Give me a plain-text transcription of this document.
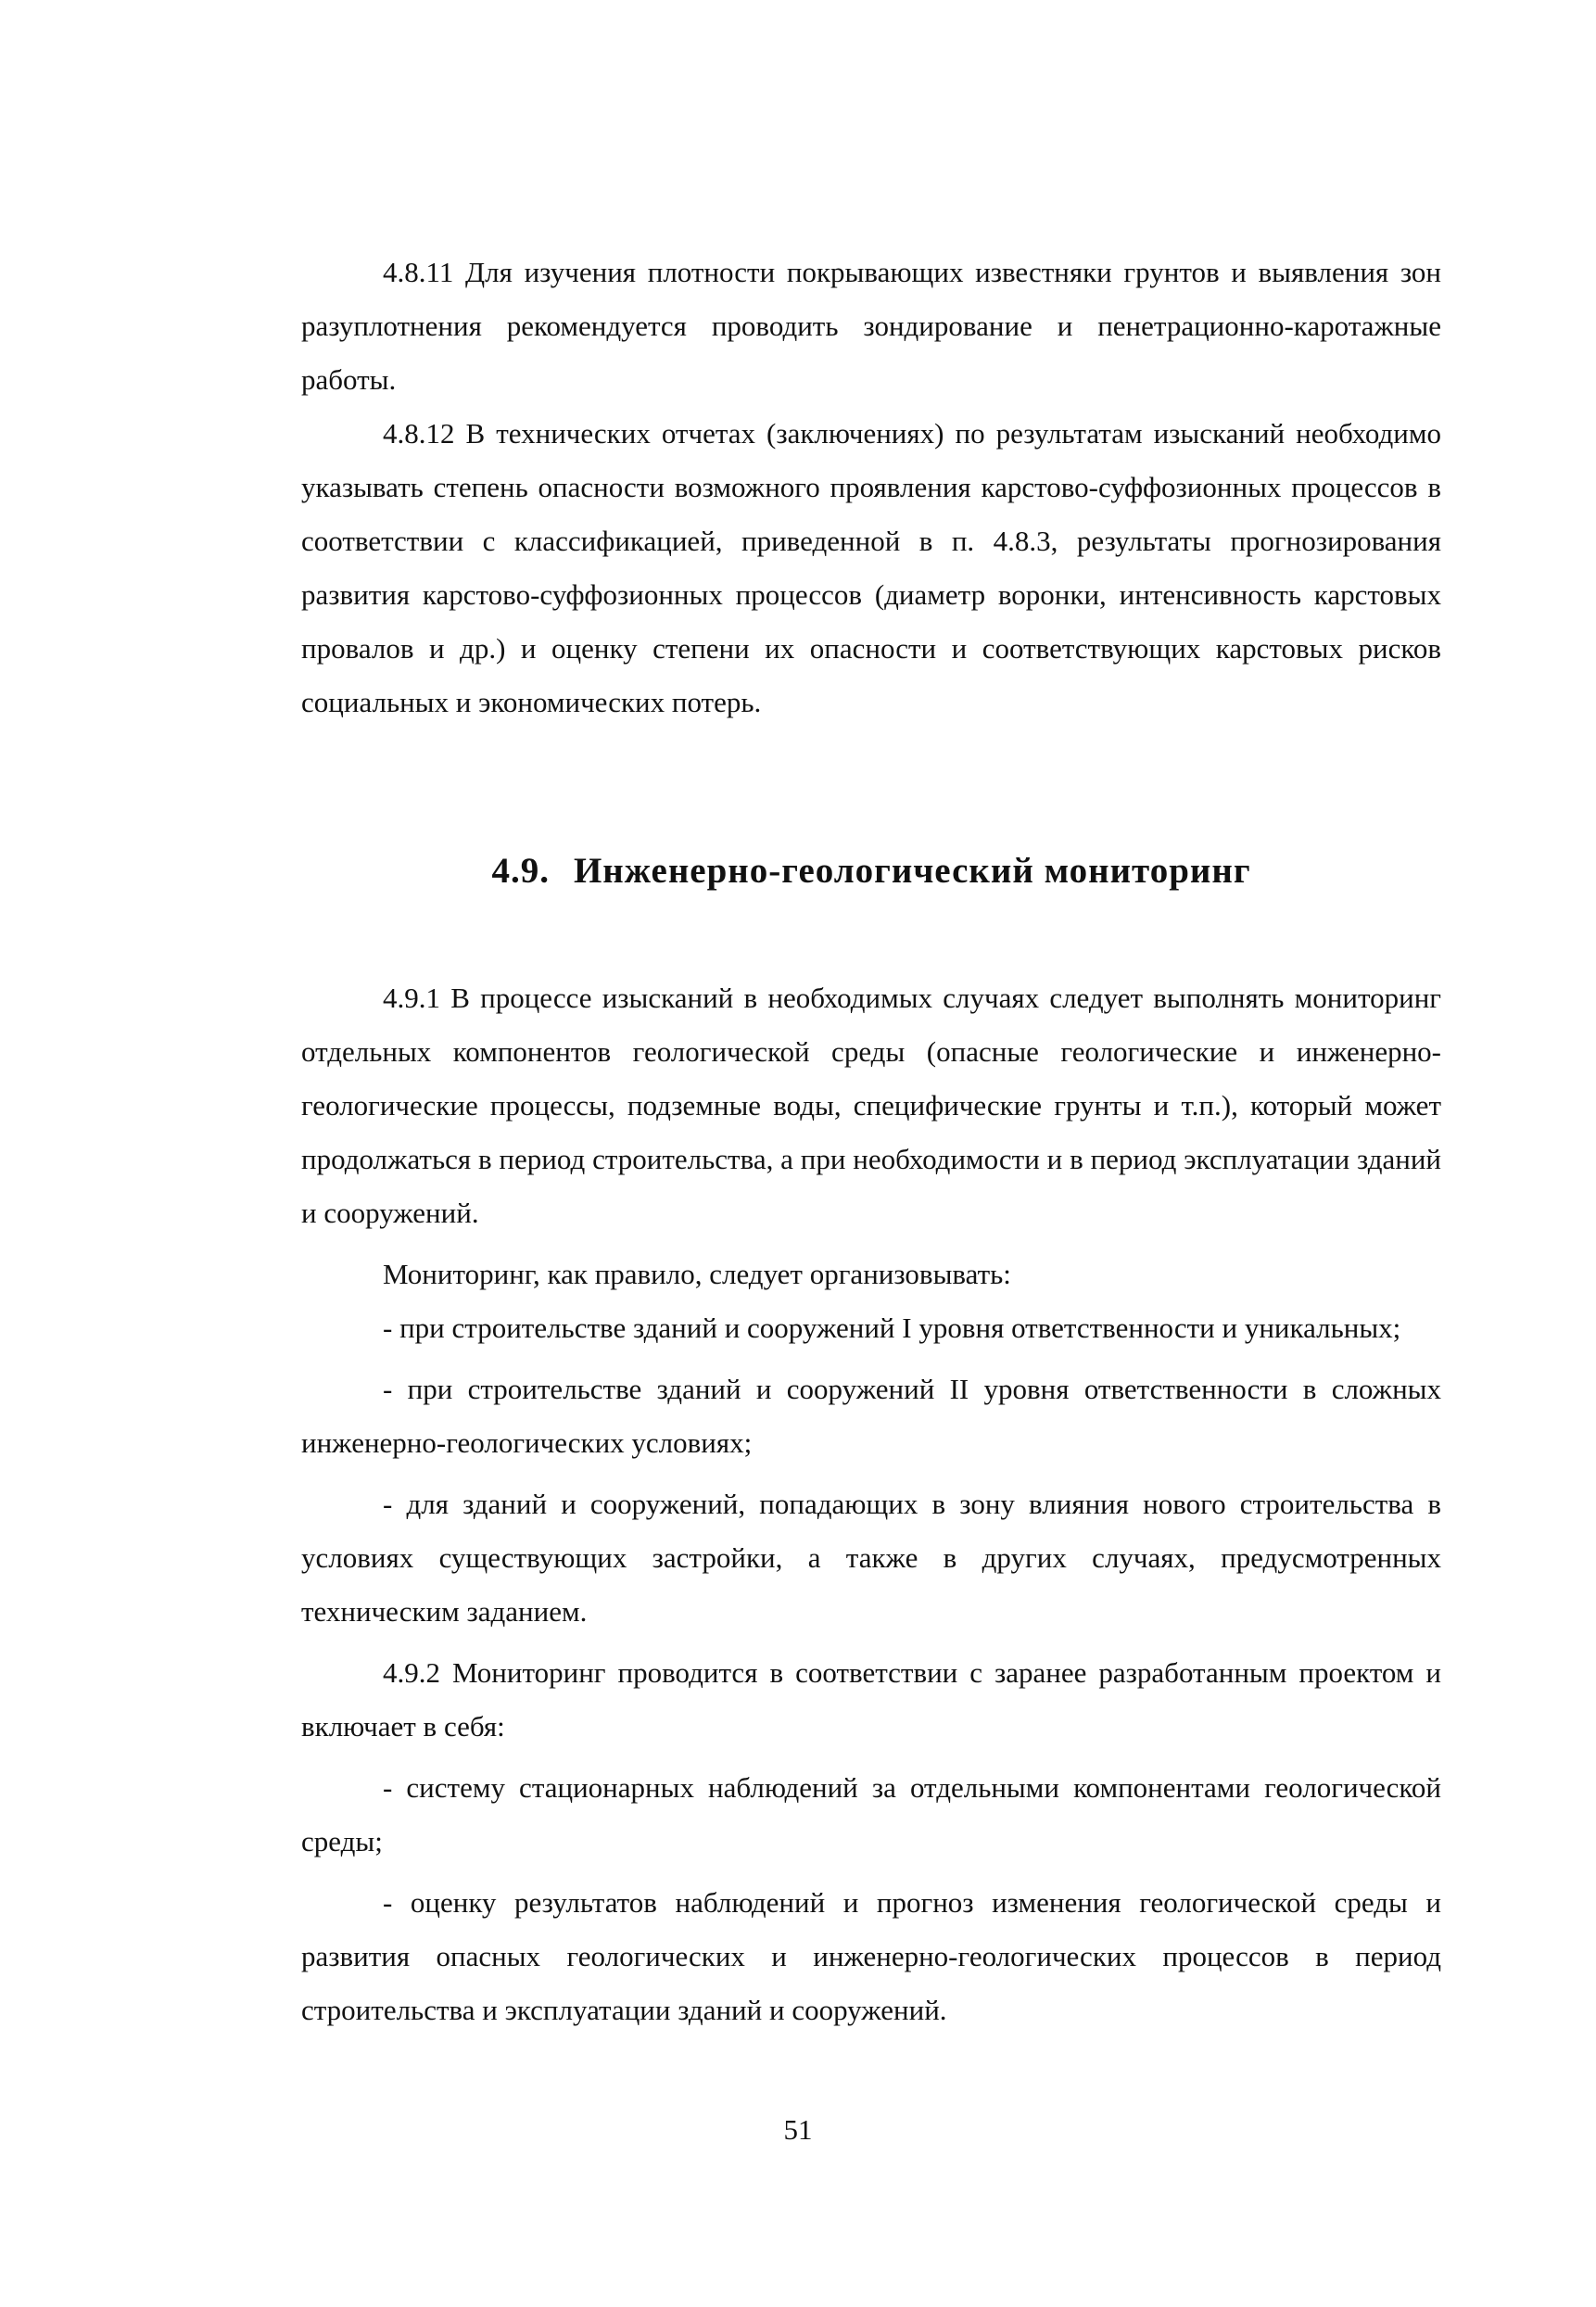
4.8.11 Для изучения плотности покрывающих известняки грунтов и выявления зон разуплотнения рекомендуется проводить зондирование и пенетрационно-каротажные работы.

4.8.12 В технических отчетах (заключениях) по результатам изысканий необходимо указывать степень опасности возможного проявления карстово-суффозионных процессов в соответствии с классификацией, приведенной в п. 4.8.3, результаты прогнозирования развития карстово-суффозионных процессов (диаметр воронки, интенсивность карстовых провалов и др.) и оценку степени их опасности и соответствующих карстовых рисков социальных и экономических потерь.

4.9. Инженерно-геологический мониторинг

4.9.1 В процессе изысканий в необходимых случаях следует выполнять мониторинг отдельных компонентов геологической среды (опасные геологические и инженерно-геологические процессы, подземные воды, специфические грунты и т.п.), который может продолжаться в период строительства, а при необходимости и в период эксплуатации зданий и сооружений.

Мониторинг, как правило, следует организовывать:

- при строительстве зданий и сооружений I уровня ответственности и уникальных;

- при строительстве зданий и сооружений II уровня ответственности в сложных инженерно-геологических условиях;

- для зданий и сооружений, попадающих в зону влияния нового строительства в условиях существующих застройки, а также в других случаях, предусмотренных техническим заданием.

4.9.2 Мониторинг проводится в соответствии с заранее разработанным проектом и включает в себя:

- систему стационарных наблюдений за отдельными компонентами геологической среды;

- оценку результатов наблюдений и прогноз изменения геологической среды и развития опасных геологических и инженерно-геологических процессов в период строительства и эксплуатации зданий и сооружений.

51
